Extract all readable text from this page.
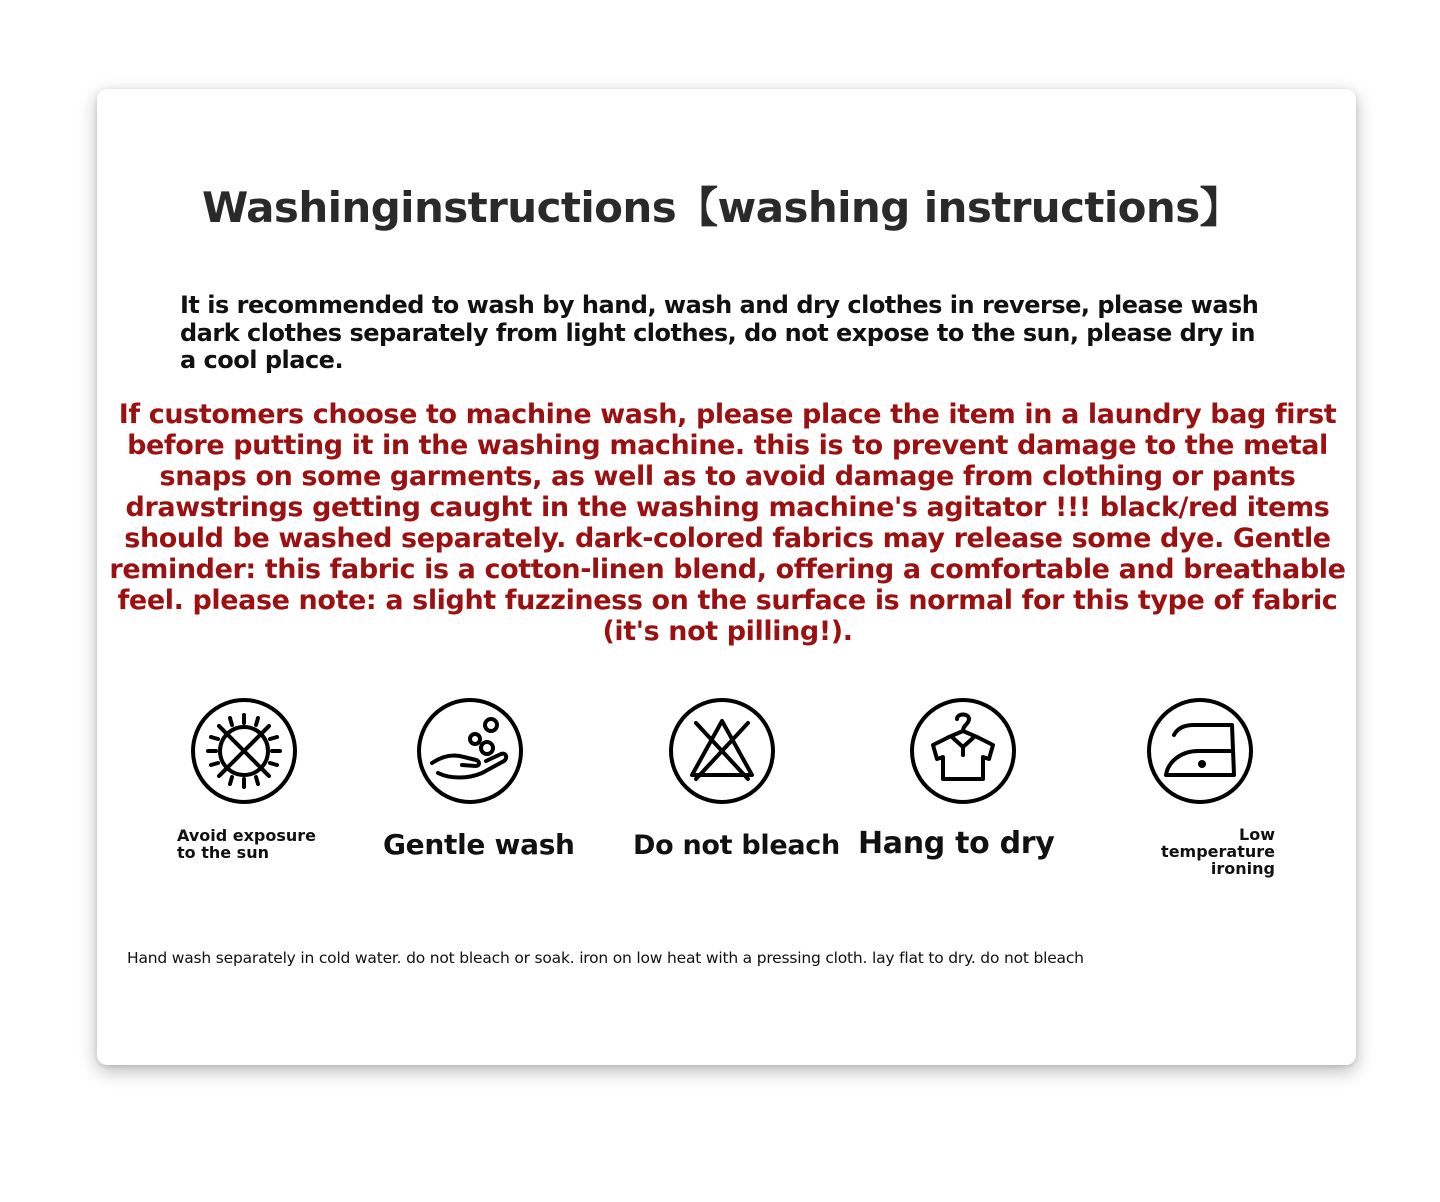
Washinginstructions【washing instructions】
It is recommended to wash by hand, wash and dry clothes in reverse, please wash dark clothes separately from light clothes, do not expose to the sun, please dry in a cool place.
If customers choose to machine wash, please place the item in a laundry bag first before putting it in the washing machine. this is to prevent damage to the metal snaps on some garments, as well as to avoid damage from clothing or pants drawstrings getting caught in the washing machine's agitator !!! black/red items should be washed separately. dark-colored fabrics may release some dye. Gentle reminder: this fabric is a cotton-linen blend, offering a comfortable and breathable feel. please note: a slight fuzziness on the surface is normal for this type of fabric (it's not pilling!).
Avoid exposure to the sun	Gentle wash Do not bleach Hang to dry	Low temperature ironing
Hand wash separately in cold water. do not bleach or soak. iron on low heat with a pressing cloth. lay flat to dry. do not bleach
